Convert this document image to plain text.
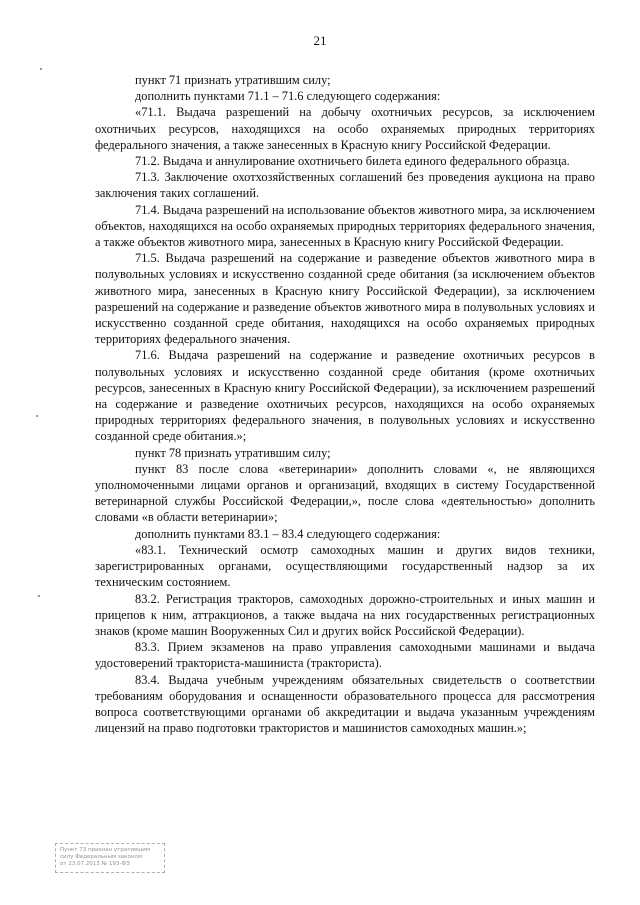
21

пункт 71 признать утратившим силу;

дополнить пунктами 71.1 – 71.6 следующего содержания:

«71.1. Выдача разрешений на добычу охотничьих ресурсов, за исключением охотничьих ресурсов, находящихся на особо охраняемых природных территориях федерального значения, а также занесенных в Красную книгу Российской Федерации.

71.2. Выдача и аннулирование охотничьего билета единого федерального образца.

71.3. Заключение охотхозяйственных соглашений без проведения аукциона на право заключения таких соглашений.

71.4. Выдача разрешений на использование объектов животного мира, за исключением объектов, находящихся на особо охраняемых природных территориях федерального значения, а также объектов животного мира, занесенных в Красную книгу Российской Федерации.

71.5. Выдача разрешений на содержание и разведение объектов животного мира в полувольных условиях и искусственно созданной среде обитания (за исключением объектов животного мира, занесенных в Красную книгу Российской Федерации), за исключением разрешений на содержание и разведение объектов животного мира в полувольных условиях и искусственно созданной среде обитания, находящихся на особо охраняемых природных территориях федерального значения.

71.6. Выдача разрешений на содержание и разведение охотничьих ресурсов в полувольных условиях и искусственно созданной среде обитания (кроме охотничьих ресурсов, занесенных в Красную книгу Российской Федерации), за исключением разрешений на содержание и разведение охотничьих ресурсов, находящихся на особо охраняемых природных территориях федерального значения, в полувольных условиях и искусственно созданной среде обитания.»;

пункт 78 признать утратившим силу;

пункт 83 после слова «ветеринарии» дополнить словами «, не являющихся уполномоченными лицами органов и организаций, входящих в систему Государственной ветеринарной службы Российской Федерации,», после слова «деятельностью» дополнить словами «в области ветеринарии»;

дополнить пунктами 83.1 – 83.4 следующего содержания:

«83.1. Технический осмотр самоходных машин и других видов техники, зарегистрированных органами, осуществляющими государственный надзор за их техническим состоянием.

83.2. Регистрация тракторов, самоходных дорожно-строительных и иных машин и прицепов к ним, аттракционов, а также выдача на них государственных регистрационных знаков (кроме машин Вооруженных Сил и других войск Российской Федерации).

83.3. Прием экзаменов на право управления самоходными машинами и выдача удостоверений тракториста-машиниста (тракториста).

83.4. Выдача учебным учреждениям обязательных свидетельств о соответствии требованиям оборудования и оснащенности образовательного процесса для рассмотрения вопроса соответствующими органами об аккредитации и выдача указанным учреждениям лицензий на право подготовки трактористов и машинистов самоходных машин.»;

Пункт 73 признан утратившим
силу Федеральным законом
от 23.07.2013 № 193-ФЗ
